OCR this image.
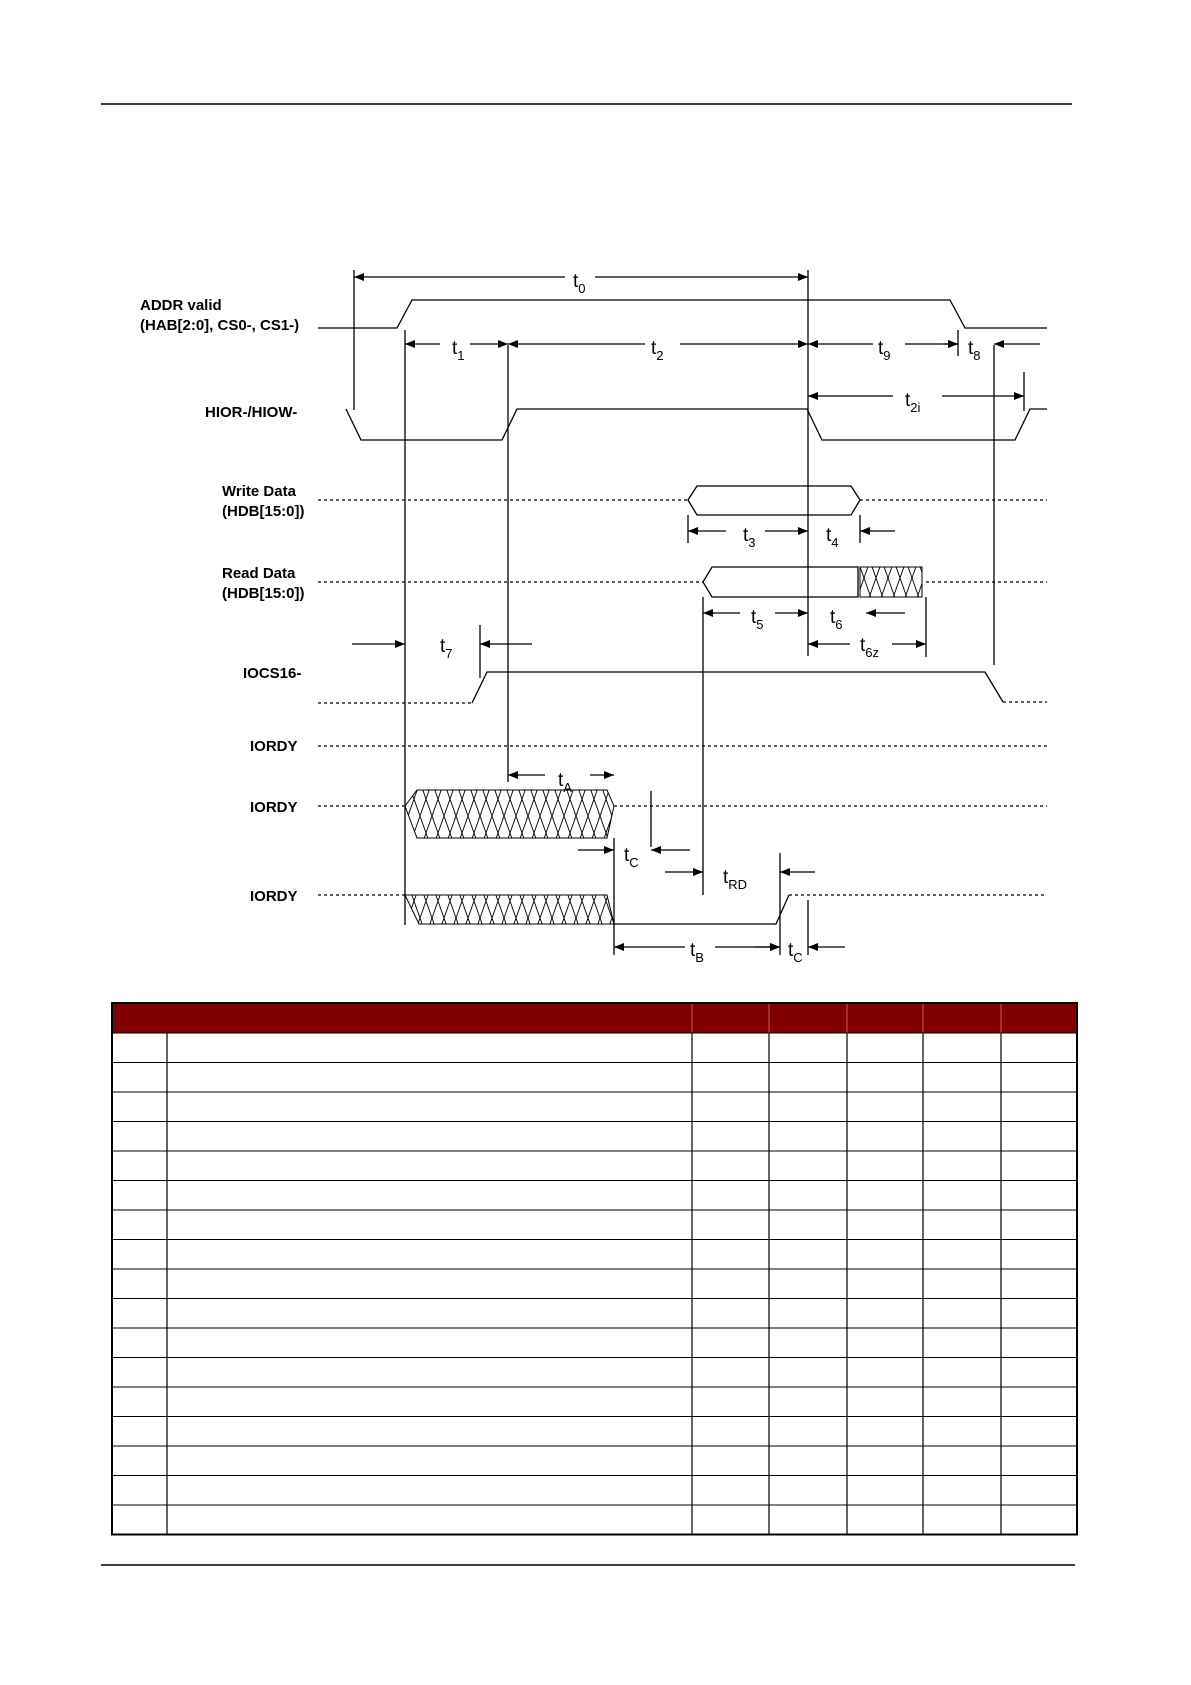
ADDR valid
(HAB[2:0], CS0-, CS1-)
HIOR-/HIOW-
Write Data
(HDB[15:0])
Read Data
(HDB[15:0])
IOCS16-
IORDY
IORDY
IORDY
$t_0$
$t_1$	$t_2$	$t_9$	$t_8$
$t_{2i}$
$t_3$	$t_4$
$t_5$	$t_6$
$t_7$	$t_{6z}$
$t_A$
$t_C$
$t_{RD}$
$t_B$	$t_C$
